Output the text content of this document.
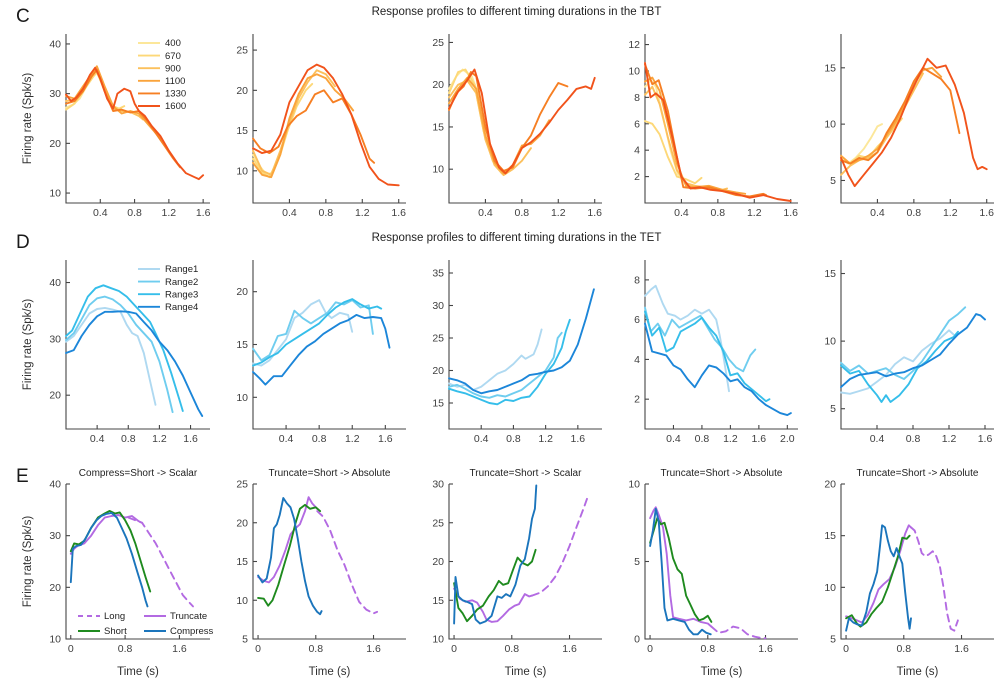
C	Response profiles to different timing durations in the TBT
10
20
30
40
0.4 0.8 1.2 1.6
Firing rate (Spk/s)
400
670
900
1100
1330
1600
10
15
20
25
0.4 0.8 1.2 1.6
10
15
20
25
0.4 0.8 1.2 1.6
2
4
6
8
10
12
0.4 0.8 1.2 1.6
5
10
15
0.4 0.8 1.2 1.6
D	Response profiles to different timing durations in the TET
20
30
40
0.4 0.8 1.2 1.6
Firing rate (Spk/s)
Range1
Range2
Range3
Range4
10
15
20
0.4 0.8 1.2 1.6
15
20
25
30
35
0.4 0.8 1.2 1.6
2
4
6
8
0.4 0.8 1.2 1.6 2.0
5
10
15
0.4 0.8 1.2 1.6
E
10
20
30
40
0	0.8	1.6
Compress=Short -> Scalar
Firing rate (Spk/s)
Time (s)
Long
Short
Truncate
Compress
5
10
15
20
25
0	0.8	1.6
Truncate=Short -> Absolute
Time (s)
10
15
20
25
30
0	0.8	1.6
Truncate=Short -> Scalar
Time (s)
0
5
10
0	0.8	1.6
Truncate=Short -> Absolute
Time (s)
5
10
15
20
0	0.8	1.6
Truncate=Short -> Absolute
Time (s)
